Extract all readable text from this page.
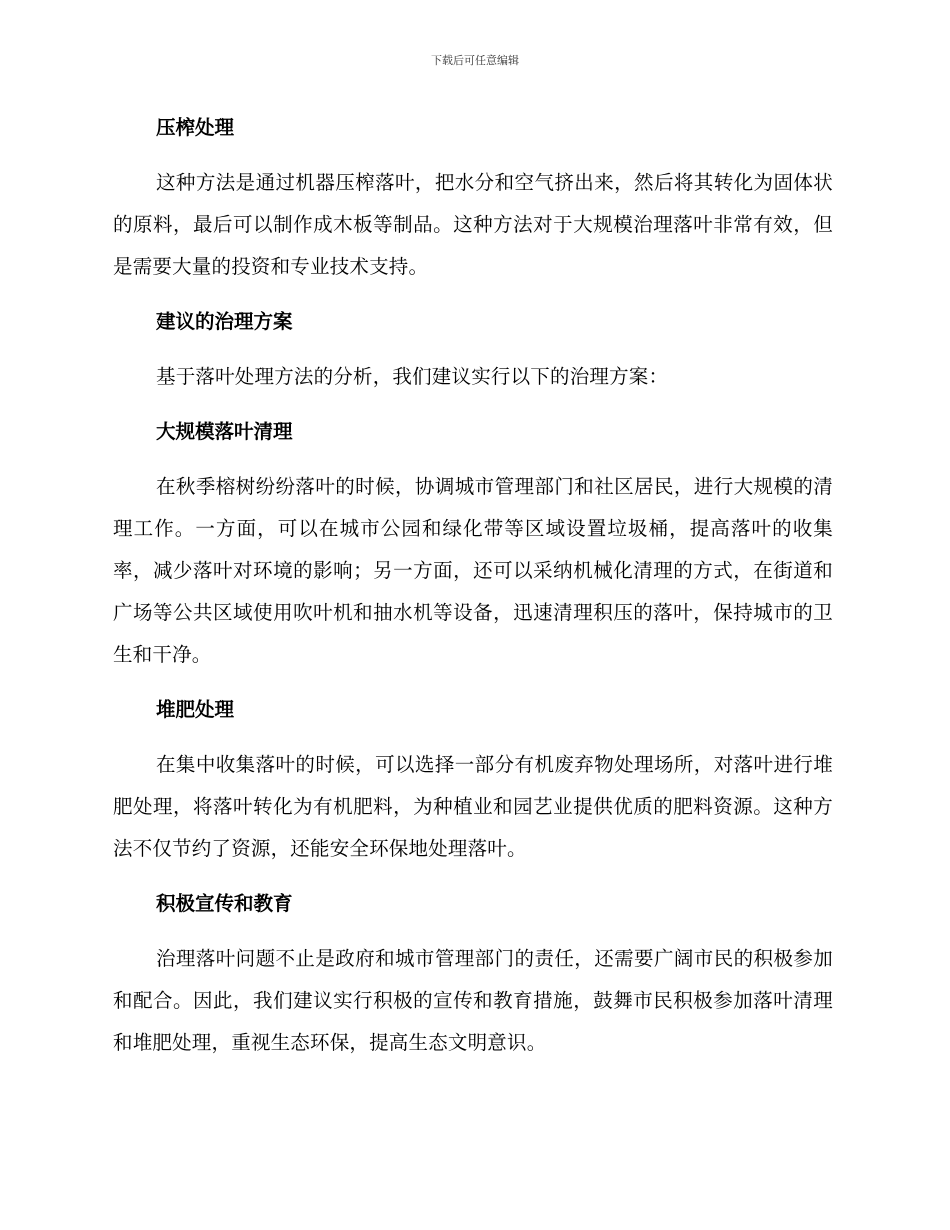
下载后可任意编辑
压榨处理

这种方法是通过机器压榨落叶，把水分和空气挤出来，然后将其转化为固体状的原料，最后可以制作成木板等制品。这种方法对于大规模治理落叶非常有效，但是需要大量的投资和专业技术支持。

建议的治理方案

基于落叶处理方法的分析，我们建议实行以下的治理方案：

大规模落叶清理

在秋季榕树纷纷落叶的时候，协调城市管理部门和社区居民，进行大规模的清理工作。一方面，可以在城市公园和绿化带等区域设置垃圾桶，提高落叶的收集率，减少落叶对环境的影响；另一方面，还可以采纳机械化清理的方式，在街道和广场等公共区域使用吹叶机和抽水机等设备，迅速清理积压的落叶，保持城市的卫生和干净。

堆肥处理

在集中收集落叶的时候，可以选择一部分有机废弃物处理场所，对落叶进行堆肥处理，将落叶转化为有机肥料，为种植业和园艺业提供优质的肥料资源。这种方法不仅节约了资源，还能安全环保地处理落叶。

积极宣传和教育

治理落叶问题不止是政府和城市管理部门的责任，还需要广阔市民的积极参加和配合。因此，我们建议实行积极的宣传和教育措施，鼓舞市民积极参加落叶清理和堆肥处理，重视生态环保，提高生态文明意识。
